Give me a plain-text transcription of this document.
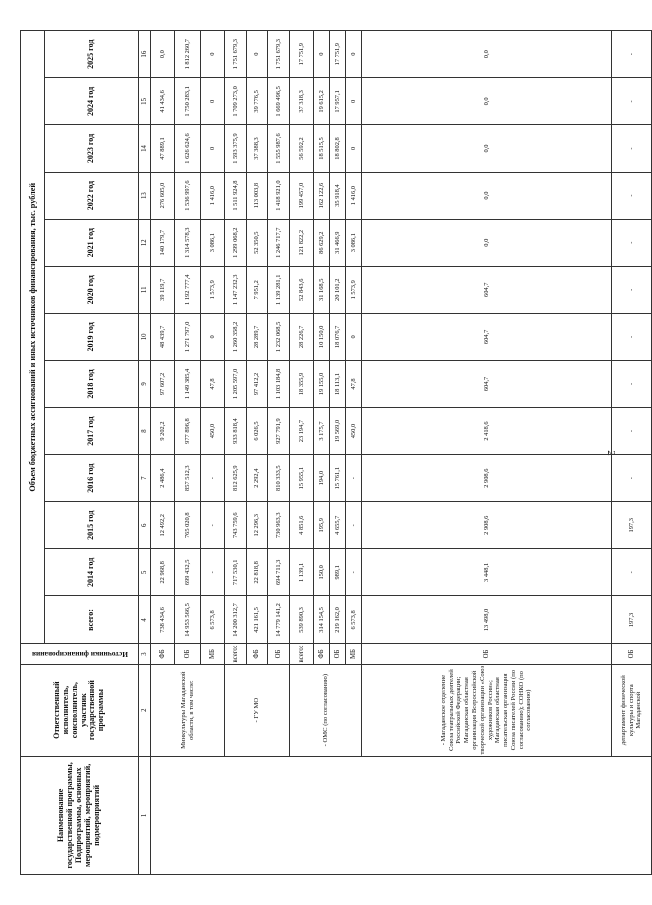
2
Наименование государственной программы, Подпрограммы, основных мероприятий, мероприятий, подмероприятий	Ответственный исполнитель, соисполнитель, участник государственной программы	Источники финансирования	Объем бюджетных ассигнований и иных источников финансирования, тыс. рублей												
			всего:	2014 год	2015 год	2016 год	2017 год	2018 год	2019 год	2020 год	2021 год	2022 год	2023 год	2024 год	2025 год
1	2	3	4	5	6	7	8	9	10	11	12	13	14	15	16
	Минкультуры Магаданской области, в том числе:	ФБ	738 434,6	22 968,8	12 492,2	2 486,4	9 202,2	97 607,2	48 439,7	39 119,7	140 179,7	276 605,0	47 889,1	41 434,6	0,0
		ОБ	14 953 566,5	699 432,5	765 020,8	857 512,3	977 896,8	1 149 385,4	1 271 797,0	1 192 777,4	1 314 578,3	1 536 997,6	1 626 624,6	1 750 283,1	1 812 260,7
		МБ	6 573,8	-	-	-	450,0	47,8	0	1 573,9	3 086,1	1 416,0	0	0	0
	- ГУ МО	всего:	14 200 312,7	717 530,1	743 759,6	812 625,9	933 818,4	1 205 597,0	1 260 358,2	1 147 232,3	1 299 068,2	1 511 924,8	1 593 375,9	1 709 273,0	1 751 679,3
		ФБ	421 161,5	22 818,8	12 296,3	2 292,4	6 026,5	97 412,2	28 289,7	7 951,2	52 350,5	113 003,8	37 388,3	39 776,5	0
		ОБ	14 779 141,2	694 711,3	730 963,3	810 333,5	927 791,9	1 103 184,8	1 232 068,5	1 139 281,1	1 246 717,7	1 418 921,0	1 555 987,6	1 669 496,5	1 751 679,3
	- ОМС (по согласованию)	всего:	539 890,3	1 139,1	4 851,6	15 955,1	23 194,7	18 355,9	28 226,7	52 843,6	121 822,2	199 457,0	56 592,2	37 318,3	17 751,9
		ФБ	314 154,5	150,0	195,9	194,0	3 175,7	19 155,0	10 150,0	31 168,5	86 629,2	162 122,6	18 515,5	19 615,2	0
		ОБ	219 162,0	989,1	4 655,7	15 761,1	19 569,0	18 113,1	18 076,7	20 101,2	31 466,9	35 918,4	18 802,8	17 957,1	17 751,9
		МБ	6 573,8	-	-	-	450,0	47,8	0	1 573,9	3 086,1	1 416,0	0	0	0
	- Магаданское отделение Союза театральных деятелей Российской Федерации; Магаданская областная организация Всероссийской творческой организации «Союз художников России»; Магаданская областная писательская организация Союза писателей России (по согласованию); СОНКО (по согласованию)	ОБ	13 498,0	3 448,1	2 908,6	2 908,6	2 418,6	604,7	604,7	604,7	0,0	0,0	0,0	0,0	0,0
	департамент физической культуры и спорта Магаданской	ОБ	197,3	-	197,3	-	-	-	-	-	-	-	-	-	-
